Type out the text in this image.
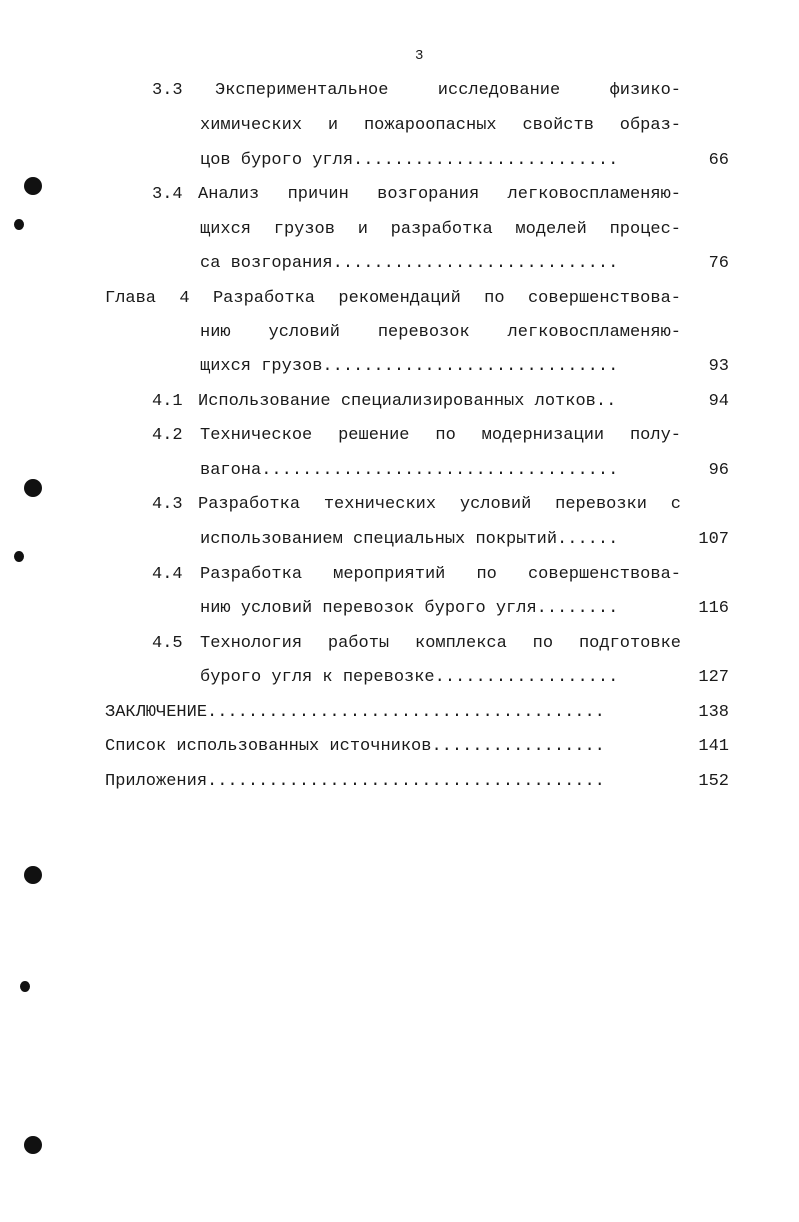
3
3.3 Экспериментальное исследование физико-
химических и пожароопасных свойств образ-
цов бурого угля..........................	66
3.4 Анализ причин возгорания легковоспламеняю-
щихся грузов и разработка моделей процес-
са возгорания............................	76
Глава 4 Разработка рекомендаций по совершенствова-
нию условий перевозок легковоспламеняю-
щихся грузов.............................	93
4.1 Использование специализированных лотков..	94
4.2 Техническое решение по модернизации полу-
вагона...................................	96
4.3 Разработка технических условий перевозки с
использованием специальных покрытий......	107
4.4 Разработка мероприятий по совершенствова-
нию условий перевозок бурого угля........	116
4.5 Технология работы комплекса по подготовке
бурого угля к перевозке..................	127
ЗАКЛЮЧЕНИЕ.......................................	138
Список использованных источников.................	141
Приложения.......................................	152
